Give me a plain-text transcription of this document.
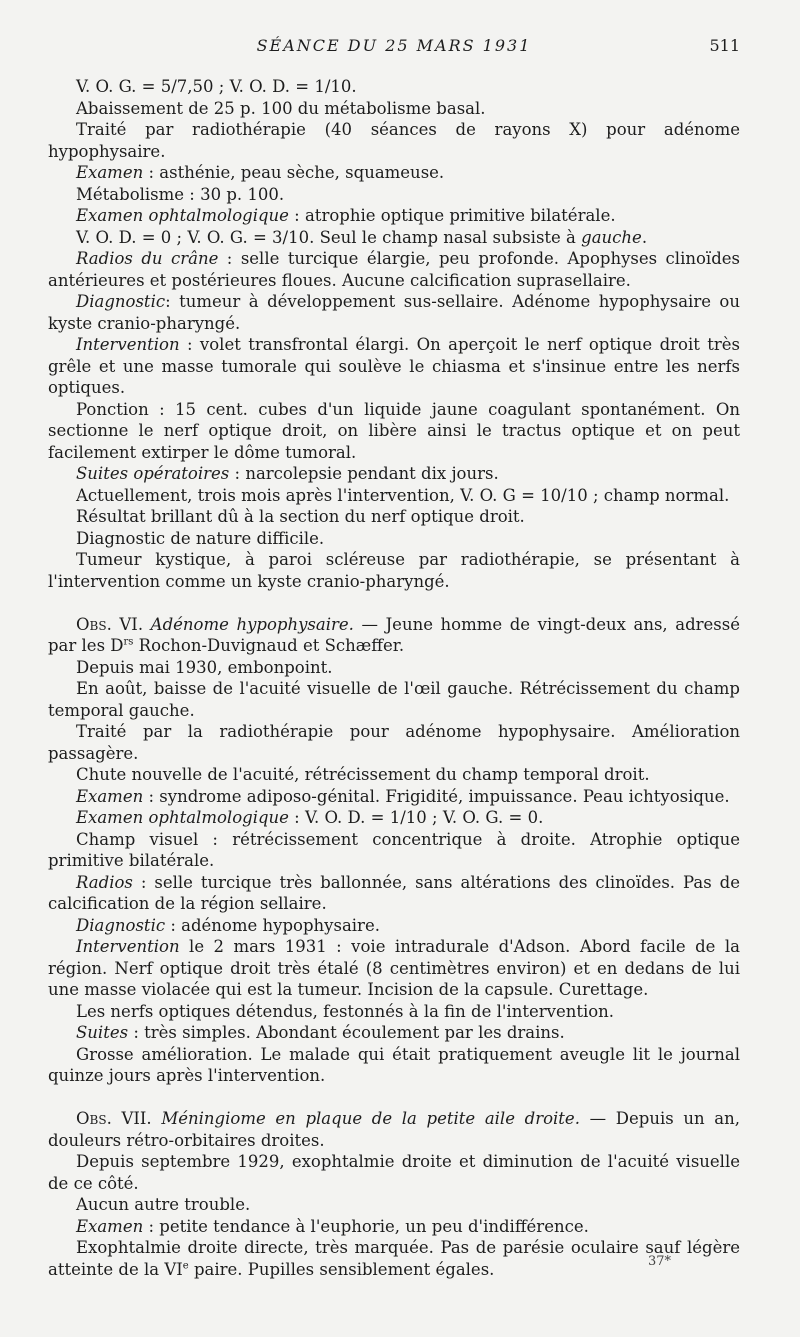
SÉANCE DU 25 MARS 1931	511

V. O. G. = 5/7,50 ; V. O. D. = 1/10.

Abaissement de 25 p. 100 du métabolisme basal.

Traité par radiothérapie (40 séances de rayons X) pour adénome hypophysaire.

Examen : asthénie, peau sèche, squameuse.

Métabolisme : 30 p. 100.

Examen ophtalmologique : atrophie optique primitive bilatérale.

V. O. D. = 0 ; V. O. G. = 3/10. Seul le champ nasal subsiste à gauche.

Radios du crâne : selle turcique élargie, peu profonde. Apophyses clinoïdes antérieures et postérieures floues. Aucune calcification suprasellaire.

Diagnostic: tumeur à développement sus-sellaire. Adénome hypophysaire ou kyste cranio-pharyngé.

Intervention : volet transfrontal élargi. On aperçoit le nerf optique droit très grêle et une masse tumorale qui soulève le chiasma et s'insinue entre les nerfs optiques.

Ponction : 15 cent. cubes d'un liquide jaune coagulant spontanément. On sectionne le nerf optique droit, on libère ainsi le tractus optique et on peut facilement extirper le dôme tumoral.

Suites opératoires : narcolepsie pendant dix jours.

Actuellement, trois mois après l'intervention, V. O. G = 10/10 ; champ normal.

Résultat brillant dû à la section du nerf optique droit.

Diagnostic de nature difficile.

Tumeur kystique, à paroi scléreuse par radiothérapie, se présentant à l'intervention comme un kyste cranio-pharyngé.

Obs. VI. Adénome hypophysaire. — Jeune homme de vingt-deux ans, adressé par les $D^{rs}$ Rochon-Duvignaud et Schæffer.

Depuis mai 1930, embonpoint.

En août, baisse de l'acuité visuelle de l'œil gauche. Rétrécissement du champ temporal gauche.

Traité par la radiothérapie pour adénome hypophysaire. Amélioration passagère.

Chute nouvelle de l'acuité, rétrécissement du champ temporal droit.

Examen : syndrome adiposo-génital. Frigidité, impuissance. Peau ichtyosique.

Examen ophtalmologique : V. O. D. = 1/10 ; V. O. G. = 0.

Champ visuel : rétrécissement concentrique à droite. Atrophie optique primitive bilatérale.

Radios : selle turcique très ballonnée, sans altérations des clinoïdes. Pas de calcification de la région sellaire.

Diagnostic : adénome hypophysaire.

Intervention le 2 mars 1931 : voie intradurale d'Adson. Abord facile de la région. Nerf optique droit très étalé (8 centimètres environ) et en dedans de lui une masse violacée qui est la tumeur. Incision de la capsule. Curettage.

Les nerfs optiques détendus, festonnés à la fin de l'intervention.

Suites : très simples. Abondant écoulement par les drains.

Grosse amélioration. Le malade qui était pratiquement aveugle lit le journal quinze jours après l'intervention.

Obs. VII. Méningiome en plaque de la petite aile droite. — Depuis un an, douleurs rétro-orbitaires droites.

Depuis septembre 1929, exophtalmie droite et diminution de l'acuité visuelle de ce côté.

Aucun autre trouble.

Examen : petite tendance à l'euphorie, un peu d'indifférence.

Exophtalmie droite directe, très marquée. Pas de parésie oculaire sauf légère atteinte de la VIe paire. Pupilles sensiblement égales.	37*
